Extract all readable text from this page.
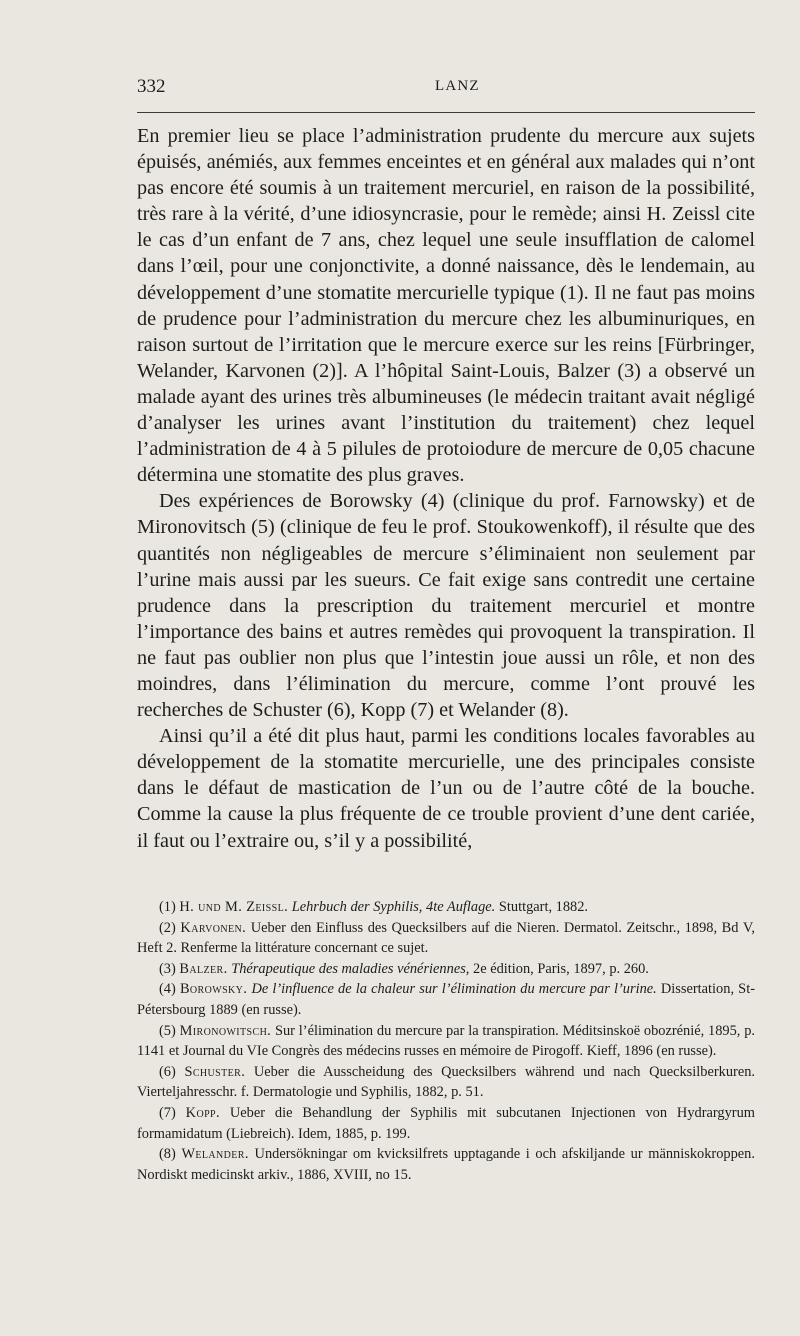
332	LANZ

En premier lieu se place l’administration prudente du mercure aux sujets épuisés, anémiés, aux femmes enceintes et en général aux malades qui n’ont pas encore été soumis à un traitement mercuriel, en raison de la possibilité, très rare à la vérité, d’une idiosyncrasie, pour le remède; ainsi H. Zeissl cite le cas d’un enfant de 7 ans, chez lequel une seule insufflation de calomel dans l’œil, pour une conjonctivite, a donné naissance, dès le lendemain, au développement d’une stomatite mercurielle typique (1). Il ne faut pas moins de prudence pour l’administration du mercure chez les albuminuriques, en raison surtout de l’irritation que le mercure exerce sur les reins [Fürbringer, Welander, Karvonen (2)]. A l’hôpital Saint-Louis, Balzer (3) a observé un malade ayant des urines très albumineuses (le médecin traitant avait négligé d’analyser les urines avant l’institution du traitement) chez lequel l’administration de 4 à 5 pilules de protoiodure de mercure de 0,05 chacune détermina une stomatite des plus graves.

Des expériences de Borowsky (4) (clinique du prof. Farnowsky) et de Mironovitsch (5) (clinique de feu le prof. Stoukowenkoff), il résulte que des quantités non négligeables de mercure s’éliminaient non seulement par l’urine mais aussi par les sueurs. Ce fait exige sans contredit une certaine prudence dans la prescription du traitement mercuriel et montre l’importance des bains et autres remèdes qui provoquent la transpiration. Il ne faut pas oublier non plus que l’intestin joue aussi un rôle, et non des moindres, dans l’élimination du mercure, comme l’ont prouvé les recherches de Schuster (6), Kopp (7) et Welander (8).

Ainsi qu’il a été dit plus haut, parmi les conditions locales favorables au développement de la stomatite mercurielle, une des principales consiste dans le défaut de mastication de l’un ou de l’autre côté de la bouche. Comme la cause la plus fréquente de ce trouble provient d’une dent cariée, il faut ou l’extraire ou, s’il y a possibilité,

(1) H. und M. Zeissl. Lehrbuch der Syphilis, 4te Auflage. Stuttgart, 1882.

(2) Karvonen. Ueber den Einfluss des Quecksilbers auf die Nieren. Dermatol. Zeitschr., 1898, Bd V, Heft 2. Renferme la littérature concernant ce sujet.

(3) Balzer. Thérapeutique des maladies vénériennes, 2e édition, Paris, 1897, p. 260.

(4) Borowsky. De l’influence de la chaleur sur l’élimination du mercure par l’urine. Dissertation, St-Pétersbourg 1889 (en russe).

(5) Mironowitsch. Sur l’élimination du mercure par la transpiration. Méditsinskoë obozrénié, 1895, p. 1141 et Journal du VIe Congrès des médecins russes en mémoire de Pirogoff. Kieff, 1896 (en russe).

(6) Schuster. Ueber die Ausscheidung des Quecksilbers während und nach Quecksilberkuren. Vierteljahresschr. f. Dermatologie und Syphilis, 1882, p. 51.

(7) Kopp. Ueber die Behandlung der Syphilis mit subcutanen Injectionen von Hydrargyrum formamidatum (Liebreich). Idem, 1885, p. 199.

(8) Welander. Undersökningar om kvicksilfrets upptagande i och afskiljande ur människokroppen. Nordiskt medicinskt arkiv., 1886, XVIII, no 15.
